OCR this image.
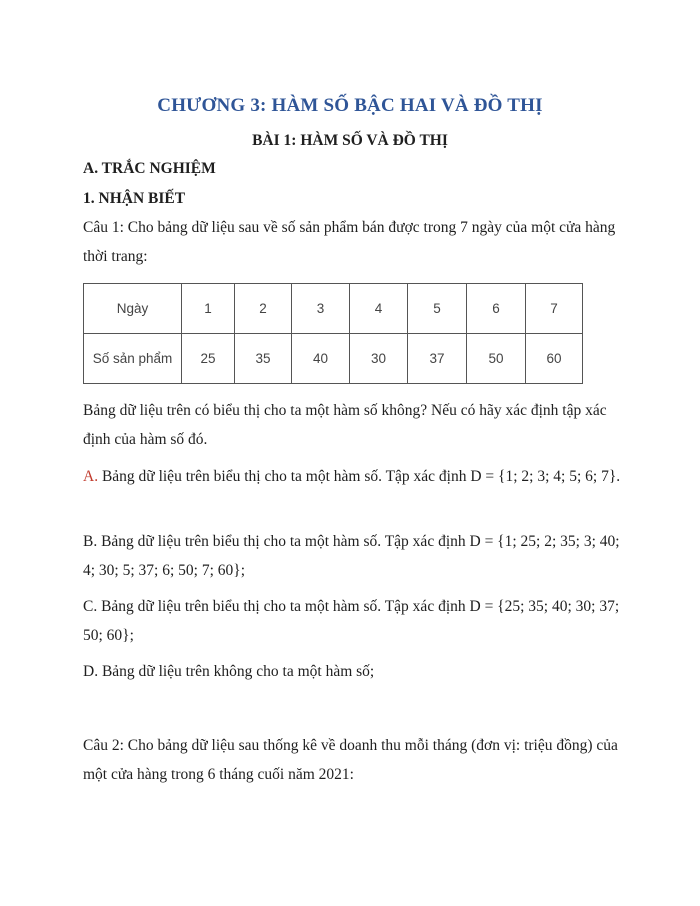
CHƯƠNG 3: HÀM SỐ BẬC HAI VÀ ĐỒ THỊ
BÀI 1: HÀM SỐ VÀ ĐỒ THỊ
A. TRẮC NGHIỆM
1. NHẬN BIẾT
Câu 1: Cho bảng dữ liệu sau về số sản phẩm bán được trong 7 ngày của một cửa hàng thời trang:
Ngày	1	2	3	4	5	6	7
Số sản phẩm	25	35	40	30	37	50	60
Bảng dữ liệu trên có biểu thị cho ta một hàm số không? Nếu có hãy xác định tập xác định của hàm số đó.
A. Bảng dữ liệu trên biểu thị cho ta một hàm số. Tập xác định D = {1; 2; 3; 4; 5; 6; 7}.
B. Bảng dữ liệu trên biểu thị cho ta một hàm số. Tập xác định D = {1; 25; 2; 35; 3; 40; 4; 30; 5; 37; 6; 50; 7; 60};
C. Bảng dữ liệu trên biểu thị cho ta một hàm số. Tập xác định D = {25; 35; 40; 30; 37; 50; 60};
D. Bảng dữ liệu trên không cho ta một hàm số;
Câu 2: Cho bảng dữ liệu sau thống kê về doanh thu mỗi tháng (đơn vị: triệu đồng) của một cửa hàng trong 6 tháng cuối năm 2021:
